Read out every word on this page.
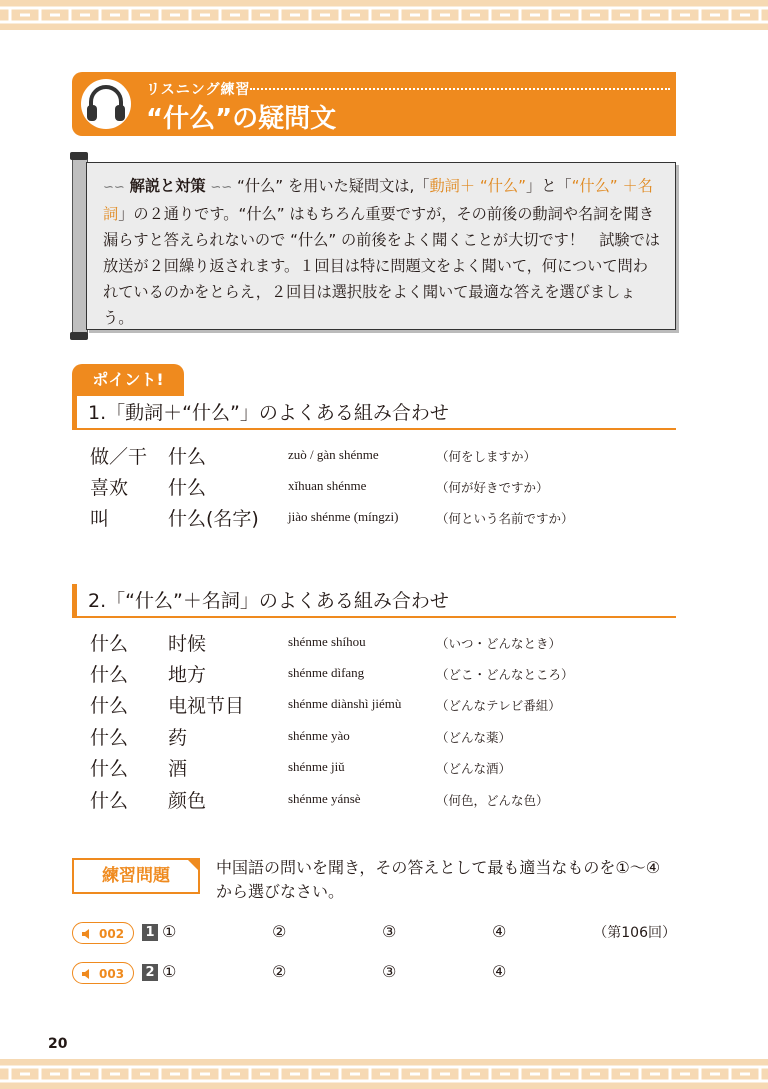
リスニング練習
“什么”の疑問文
∽∽ 解説と対策 ∽∽ “什么” を用いた疑問文は,「動詞＋ “什么”」と「“什么” ＋名詞」の２通りです。“什么” はもちろん重要ですが，その前後の動詞や名詞を聞き漏らすと答えられないので “什么” の前後をよく聞くことが大切です！　試験では放送が２回繰り返されます。１回目は特に問題文をよく聞いて，何について問われているのかをとらえ，２回目は選択肢をよく聞いて最適な答えを選びましょう。
ポイント!
1.「動詞＋“什么”」のよくある組み合わせ
做／干 什么	zuò / gàn shénme	（何をしますか）
喜欢 什么	xǐhuan shénme	（何が好きですか）
叫	什么(名字) jiào shénme (míngzi)	（何という名前ですか）
2.「“什么”＋名詞」のよくある組み合わせ
什么 时候	shénme shíhou	（いつ・どんなとき）
什么 地方	shénme dìfang	（どこ・どんなところ）
什么 电视节目	shénme diànshì jiémù	（どんなテレビ番組）
什么 药	shénme yào	（どんな薬）
什么 酒	shénme jiǔ	（どんな酒）
什么 颜色	shénme yánsè	（何色，どんな色）
練習問題	中国語の問いを聞き，その答えとして最も適当なものを①～④から選びなさい。
002 1 ①	②	③	④	（第106回）
003 2 ①	②	③	④
20
